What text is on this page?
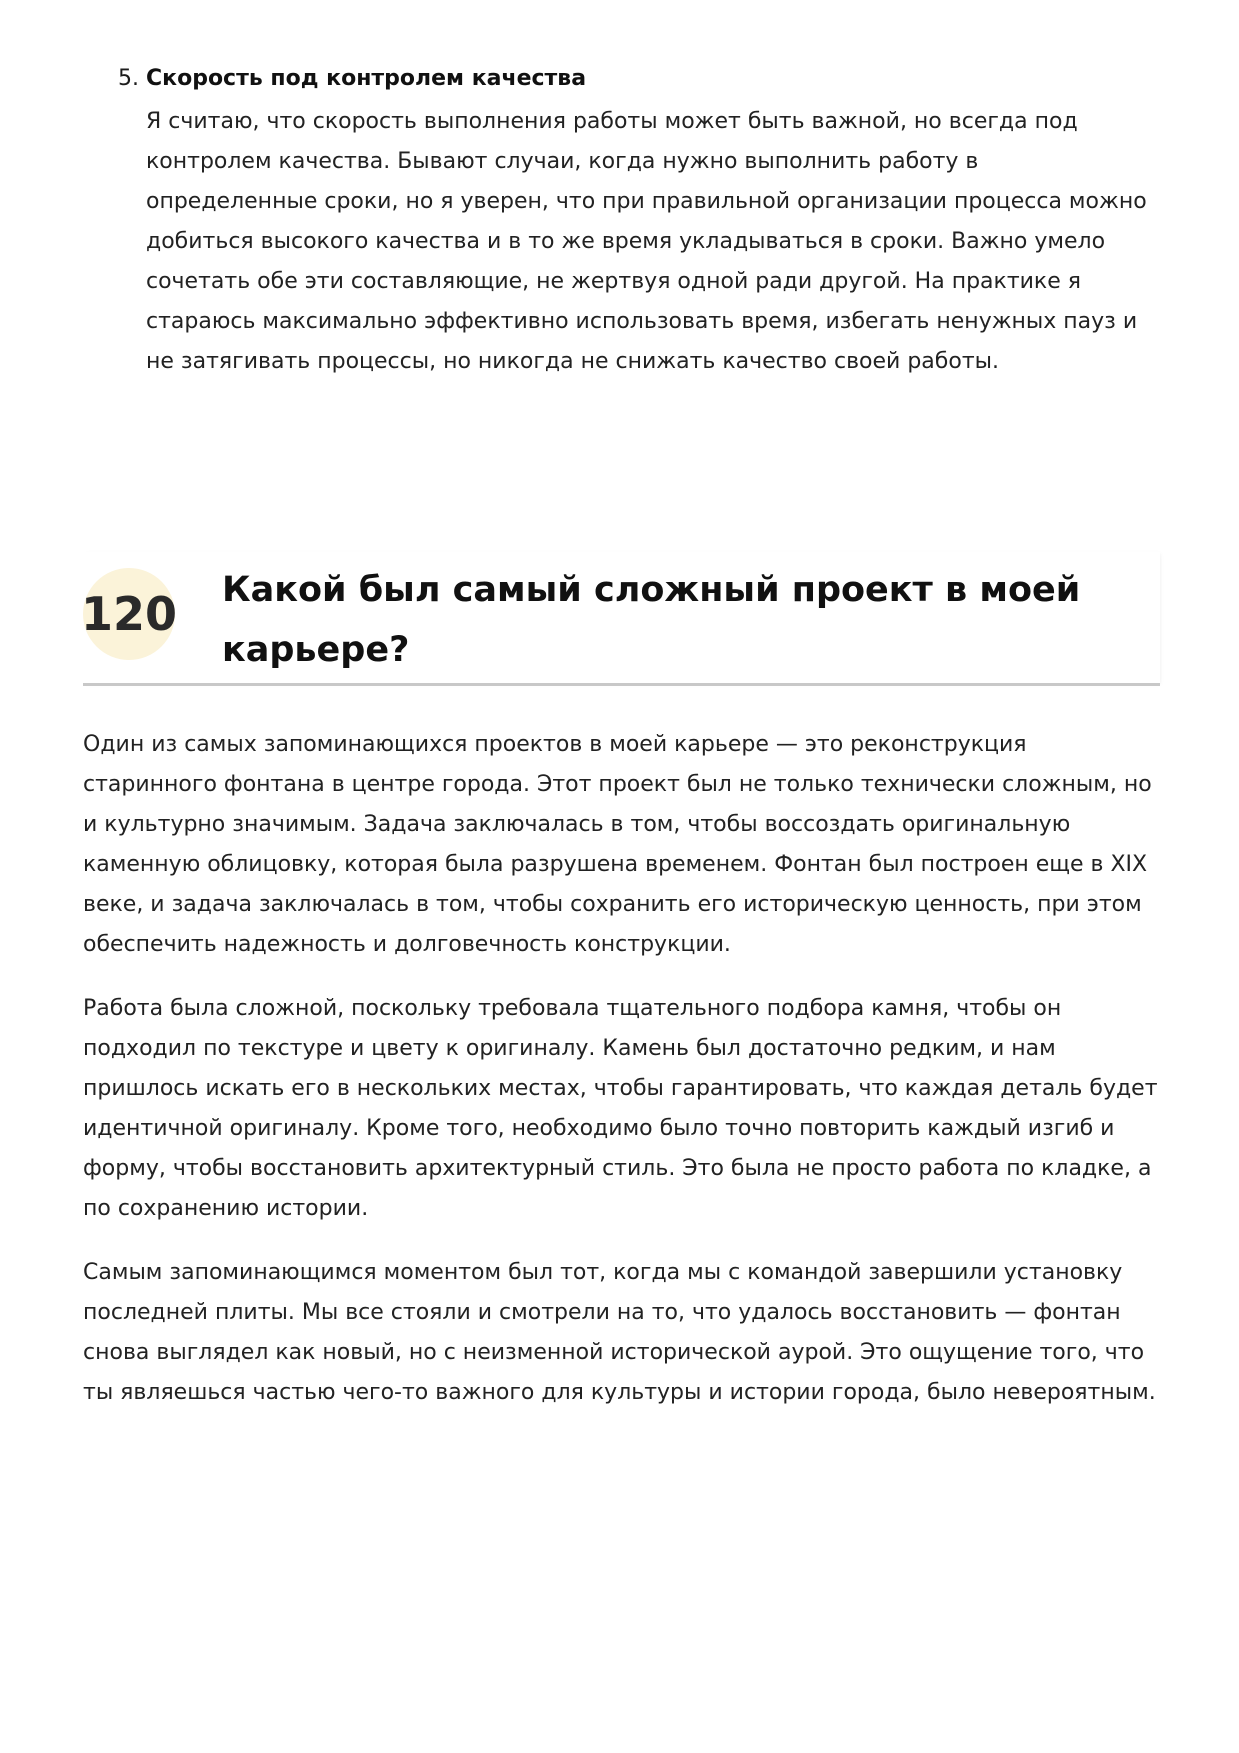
5. Скорость под контролем качества
Я считаю, что скорость выполнения работы может быть важной, но всегда под контролем качества. Бывают случаи, когда нужно выполнить работу в определенные сроки, но я уверен, что при правильной организации процесса можно добиться высокого качества и в то же время укладываться в сроки. Важно умело сочетать обе эти составляющие, не жертвуя одной ради другой. На практике я стараюсь максимально эффективно использовать время, избегать ненужных пауз и не затягивать процессы, но никогда не снижать качество своей работы.
120 Какой был самый сложный проект в моей карьере?

Один из самых запоминающихся проектов в моей карьере — это реконструкция старинного фонтана в центре города. Этот проект был не только технически сложным, но и культурно значимым. Задача заключалась в том, чтобы воссоздать оригинальную каменную облицовку, которая была разрушена временем. Фонтан был построен еще в XIX веке, и задача заключалась в том, чтобы сохранить его историческую ценность, при этом обеспечить надежность и долговечность конструкции.

Работа была сложной, поскольку требовала тщательного подбора камня, чтобы он подходил по текстуре и цвету к оригиналу. Камень был достаточно редким, и нам пришлось искать его в нескольких местах, чтобы гарантировать, что каждая деталь будет идентичной оригиналу. Кроме того, необходимо было точно повторить каждый изгиб и форму, чтобы восстановить архитектурный стиль. Это была не просто работа по кладке, а по сохранению истории.

Самым запоминающимся моментом был тот, когда мы с командой завершили установку последней плиты. Мы все стояли и смотрели на то, что удалось восстановить — фонтан снова выглядел как новый, но с неизменной исторической аурой. Это ощущение того, что ты являешься частью чего-то важного для культуры и истории города, было невероятным.
